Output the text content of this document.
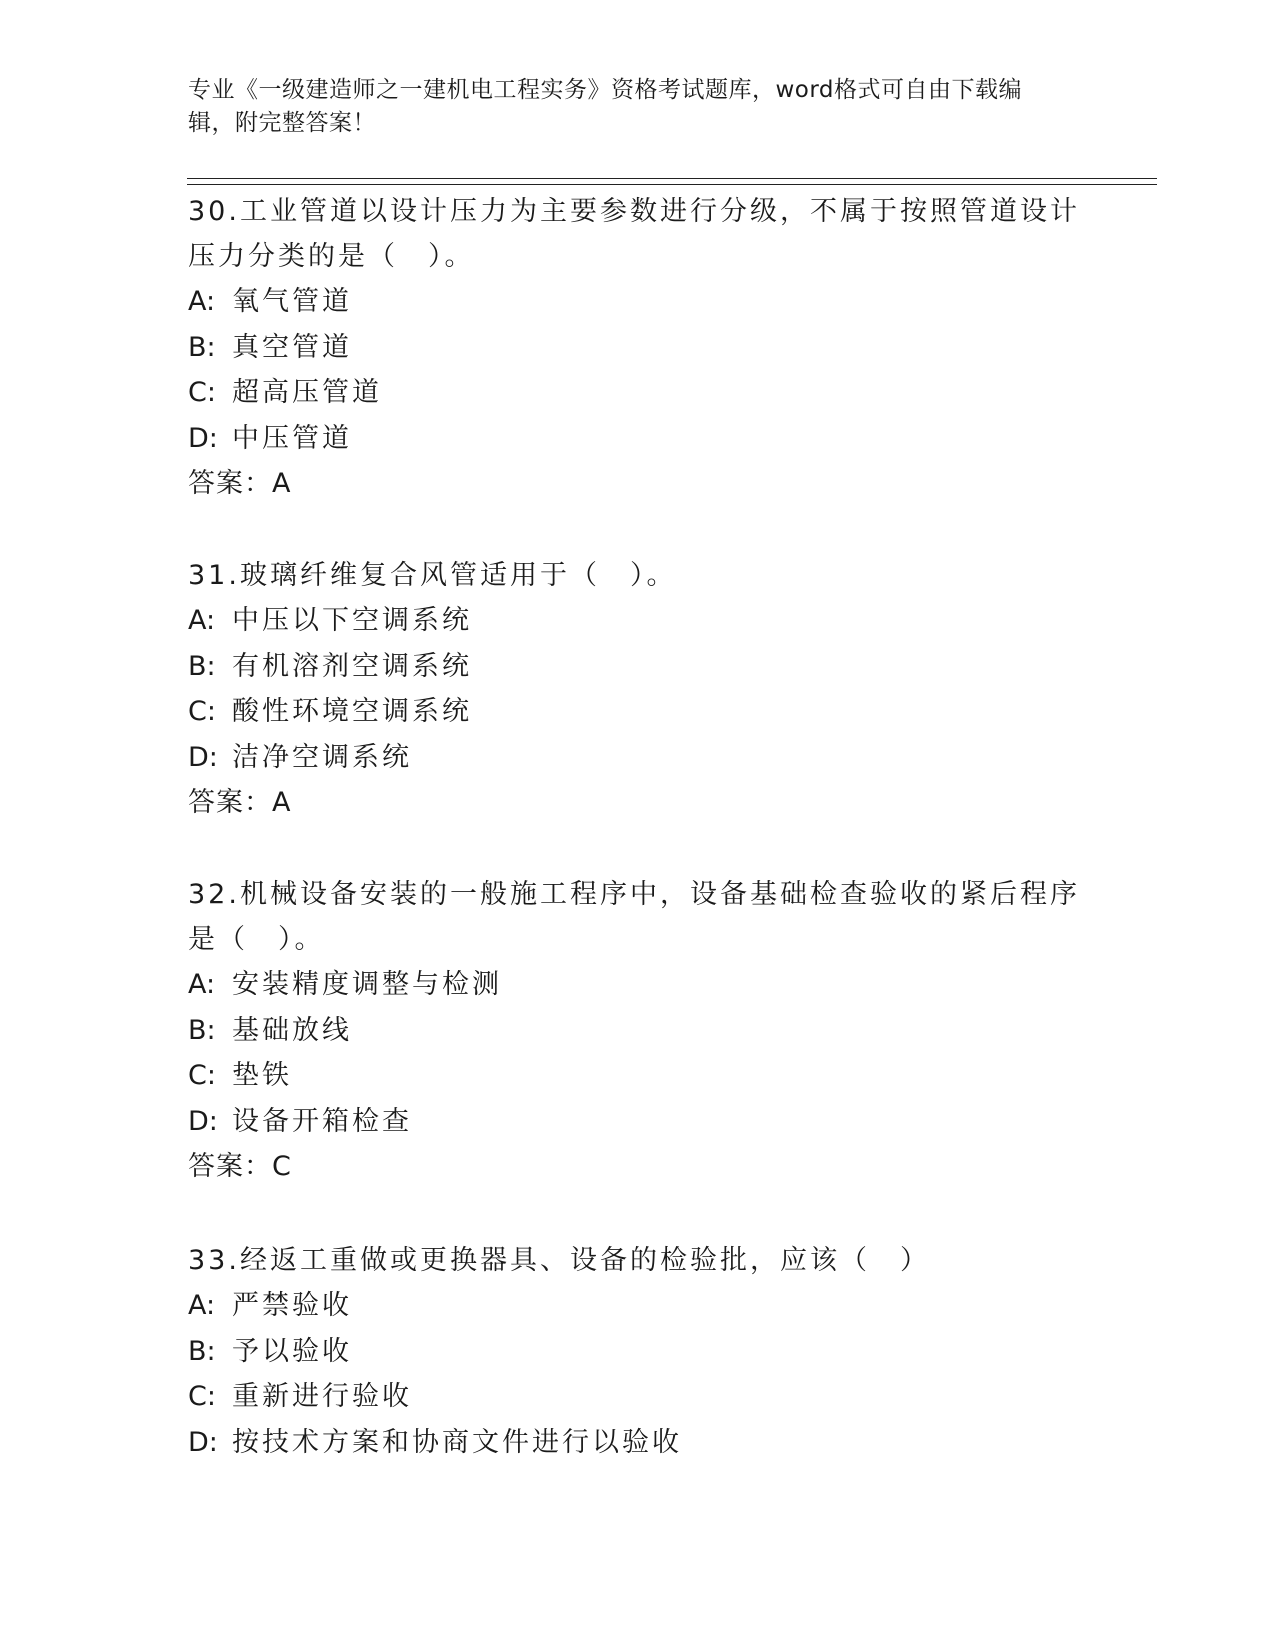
专业《一级建造师之一建机电工程实务》资格考试题库，word格式可自由下载编辑，附完整答案！

30.工业管道以设计压力为主要参数进行分级，不属于按照管道设计压力分类的是（　）。

A: 氧气管道

B: 真空管道

C: 超高压管道

D: 中压管道

答案：A

31.玻璃纤维复合风管适用于（　）。

A: 中压以下空调系统

B: 有机溶剂空调系统

C: 酸性环境空调系统

D: 洁净空调系统

答案：A

32.机械设备安装的一般施工程序中，设备基础检查验收的紧后程序是（　）。

A: 安装精度调整与检测

B: 基础放线

C: 垫铁

D: 设备开箱检查

答案：C

33.经返工重做或更换器具、设备的检验批，应该（　）

A: 严禁验收

B: 予以验收

C: 重新进行验收

D: 按技术方案和协商文件进行以验收
